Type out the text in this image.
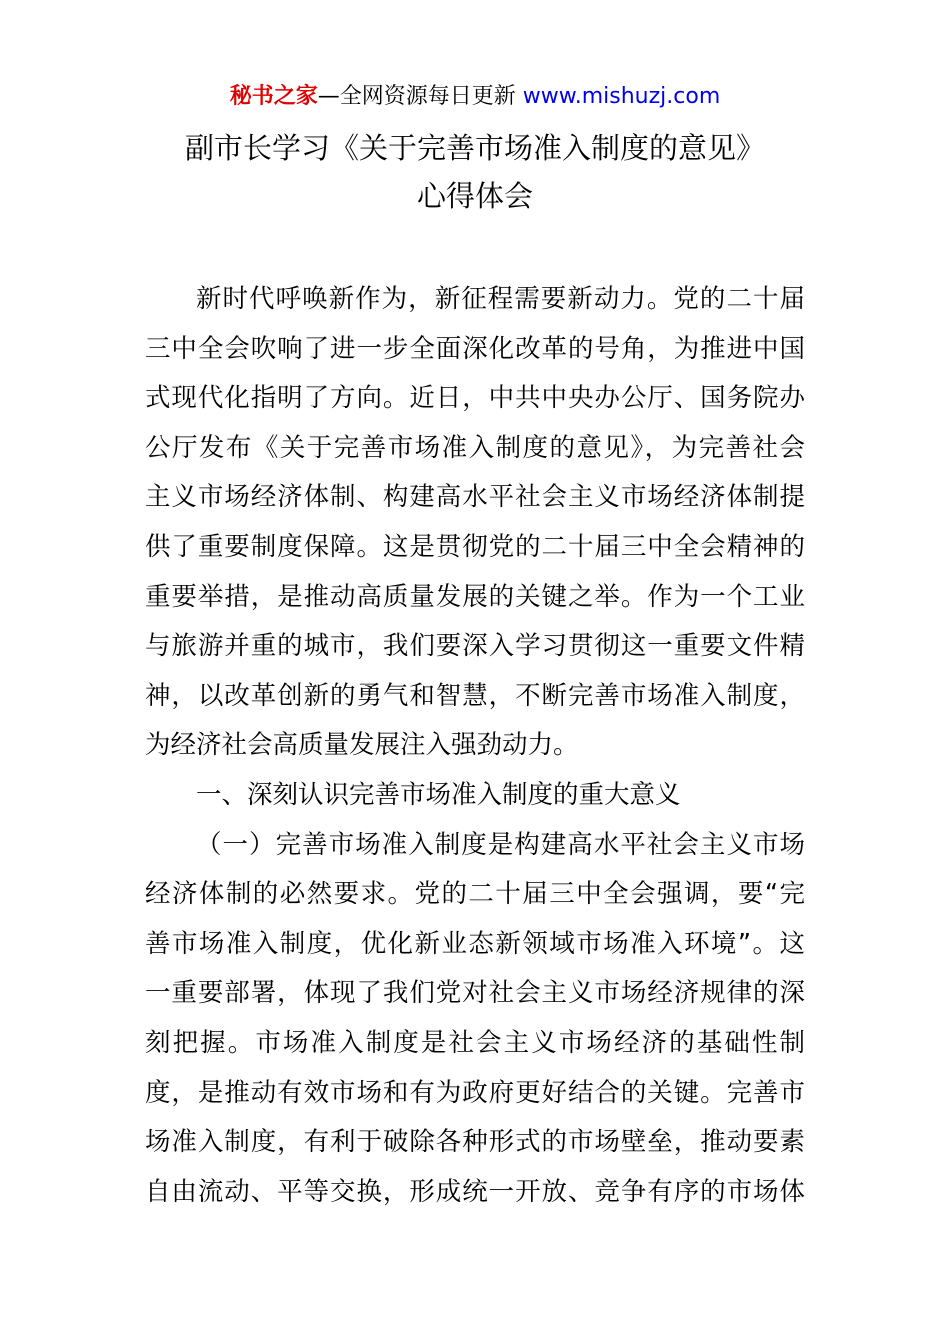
秘书之家—全网资源每日更新 www.mishuzj.com
副市长学习《关于完善市场准入制度的意见》
心得体会
新时代呼唤新作为，新征程需要新动力。党的二十届
三中全会吹响了进一步全面深化改革的号角，为推进中国
式现代化指明了方向。近日，中共中央办公厅、国务院办
公厅发布《关于完善市场准入制度的意见》，为完善社会
主义市场经济体制、构建高水平社会主义市场经济体制提
供了重要制度保障。这是贯彻党的二十届三中全会精神的
重要举措，是推动高质量发展的关键之举。作为一个工业
与旅游并重的城市，我们要深入学习贯彻这一重要文件精
神，以改革创新的勇气和智慧，不断完善市场准入制度，
为经济社会高质量发展注入强劲动力。
一、深刻认识完善市场准入制度的重大意义
（一）完善市场准入制度是构建高水平社会主义市场
经济体制的必然要求。党的二十届三中全会强调，要“完
善市场准入制度，优化新业态新领域市场准入环境”。这
一重要部署，体现了我们党对社会主义市场经济规律的深
刻把握。市场准入制度是社会主义市场经济的基础性制
度，是推动有效市场和有为政府更好结合的关键。完善市
场准入制度，有利于破除各种形式的市场壁垒，推动要素
自由流动、平等交换，形成统一开放、竞争有序的市场体
